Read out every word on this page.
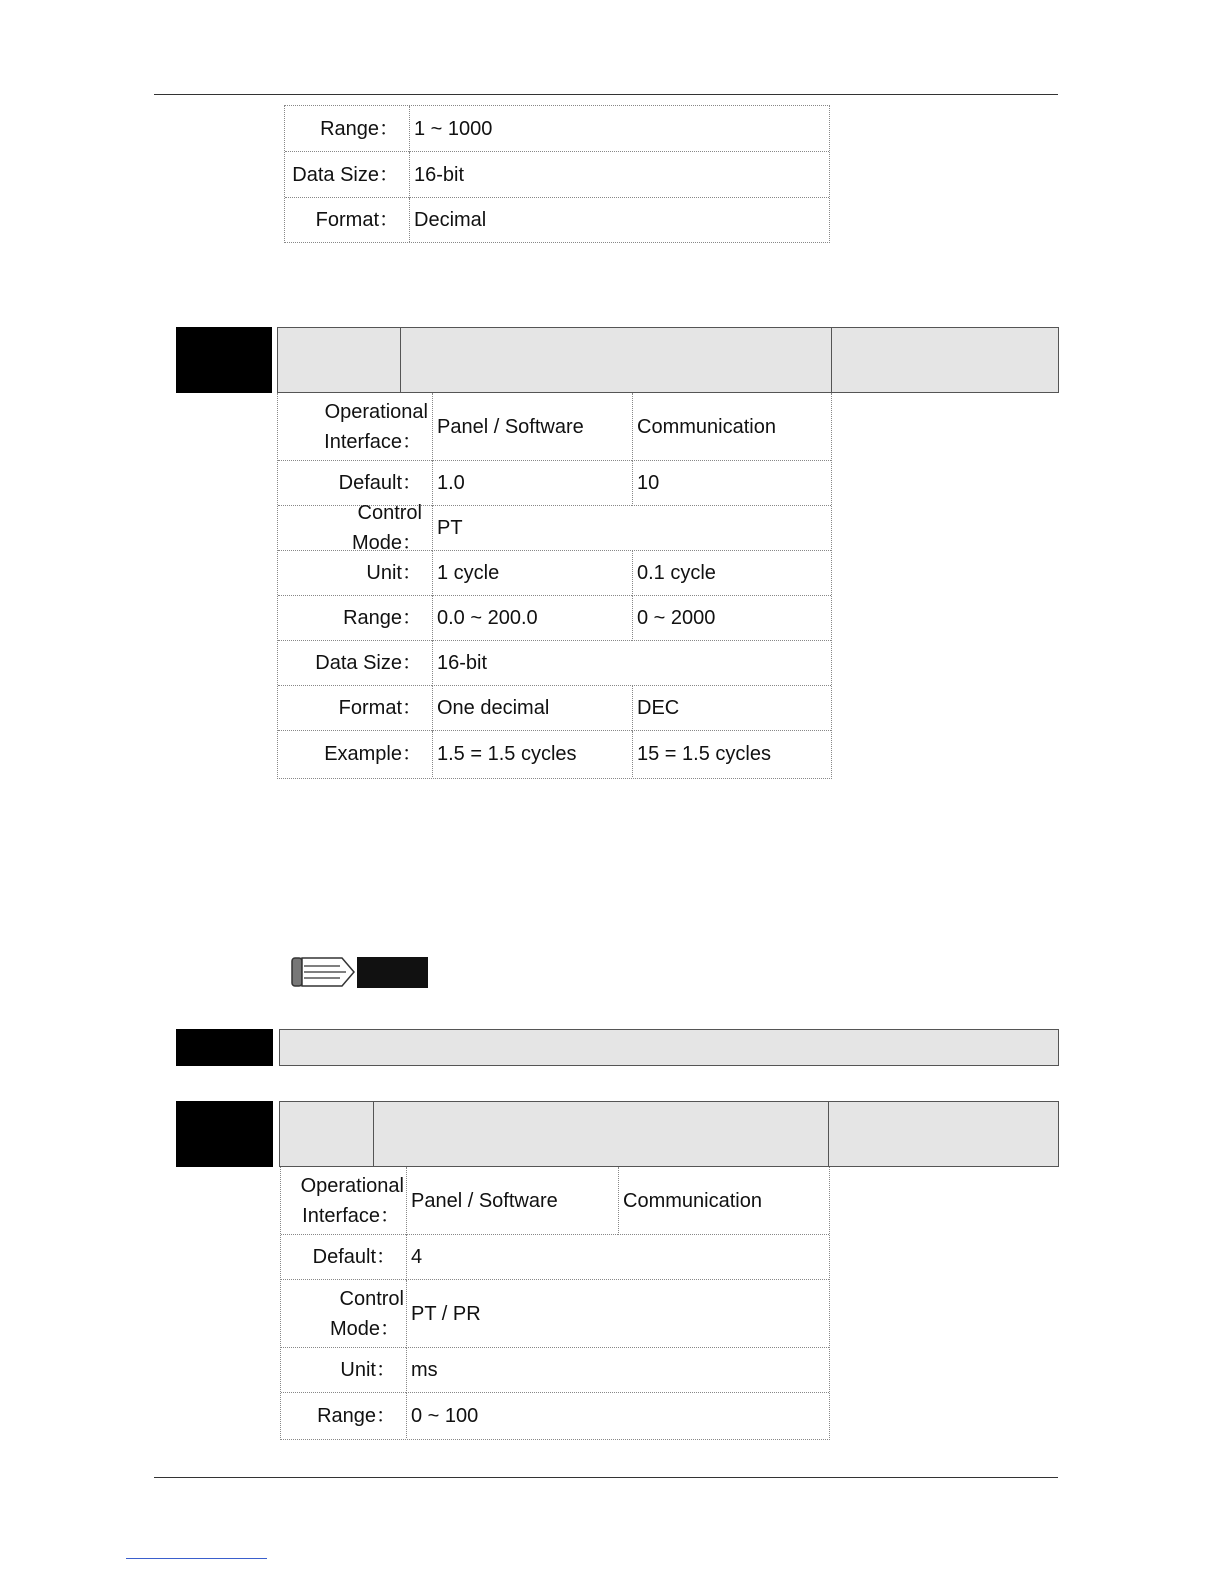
Range： 1 ~ 1000
Data Size： 16-bit
Format： Decimal
Operational
Interface：
Panel / Software	Communication
Default： 1.0	10
Control Mode：
PT
Unit： 1 cycle	0.1 cycle
Range： 0.0 ~ 200.0	0 ~ 2000
Data Size： 16-bit
Format： One decimal	DEC
Example： 1.5 = 1.5 cycles	15 = 1.5 cycles
Operational
Interface：
Panel / Software	Communication
Default： 4
Control
Mode：
PT / PR
Unit： ms
Range： 0 ~ 100
